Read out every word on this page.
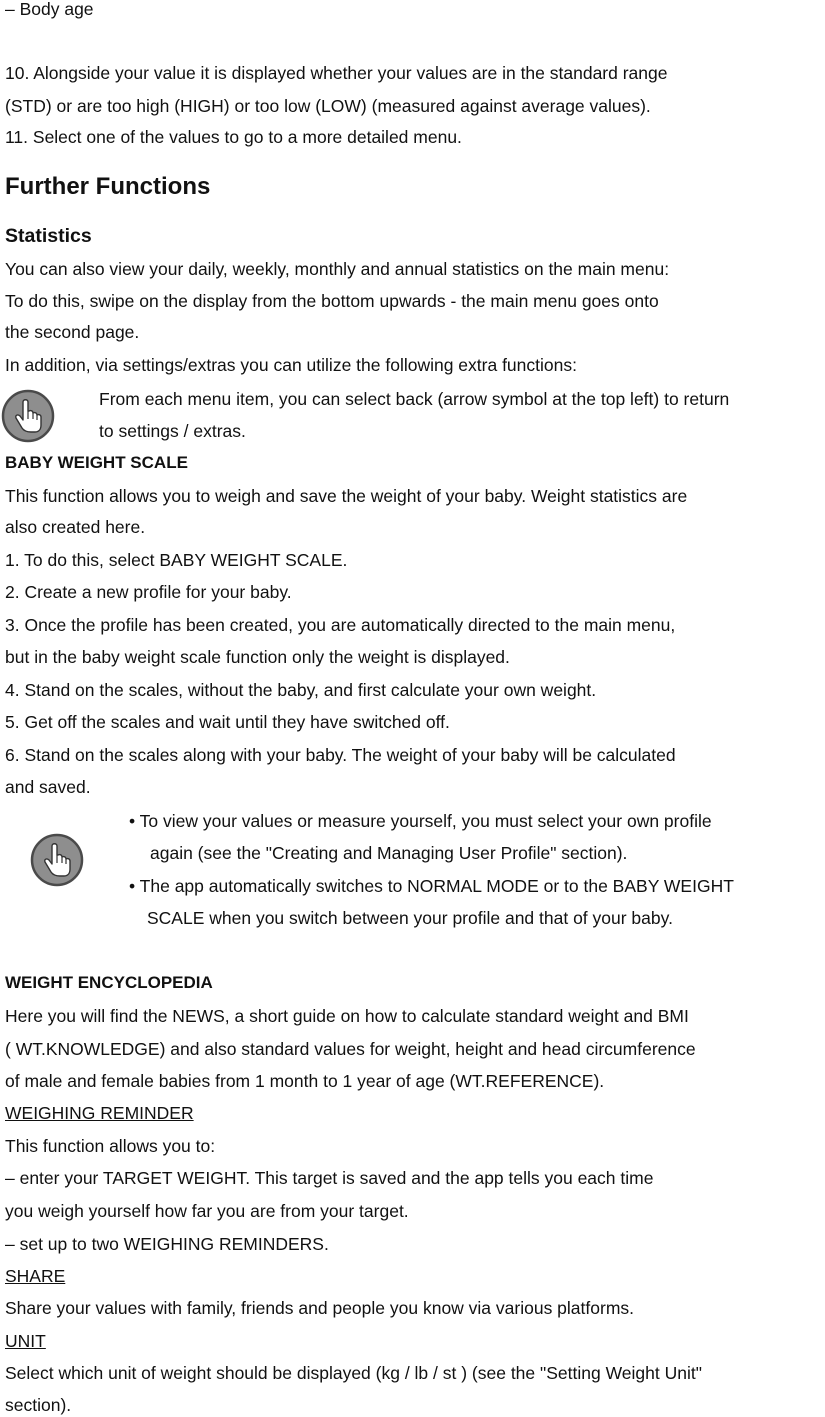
– Body age

10. Alongside your value it is displayed whether your values are in the standard range

(STD) or are too high (HIGH) or too low (LOW) (measured against average values).

11. Select one of the values to go to a more detailed menu.

Further Functions
Statistics

You can also view your daily, weekly, monthly and annual statistics on the main menu:

To do this, swipe on the display from the bottom upwards - the main menu goes onto

the second page.

In addition, via settings/extras you can utilize the following extra functions:

From each menu item, you can select back (arrow symbol at the top left) to return

to settings / extras.

BABY WEIGHT SCALE

This function allows you to weigh and save the weight of your baby. Weight statistics are

also created here.

1. To do this, select BABY WEIGHT SCALE.

2. Create a new profile for your baby.

3. Once the profile has been created, you are automatically directed to the main menu,

but in the baby weight scale function only the weight is displayed.

4. Stand on the scales, without the baby, and first calculate your own weight.

5. Get off the scales and wait until they have switched off.

6. Stand on the scales along with your baby. The weight of your baby will be calculated

and saved.

• To view your values or measure yourself, you must select your own profile

again (see the "Creating and Managing User Profile" section).

• The app automatically switches to NORMAL MODE or to the BABY WEIGHT

SCALE when you switch between your profile and that of your baby.

WEIGHT ENCYCLOPEDIA

Here you will find the NEWS, a short guide on how to calculate standard weight and BMI

( WT.KNOWLEDGE) and also standard values for weight, height and head circumference

of male and female babies from 1 month to 1 year of age (WT.REFERENCE).

WEIGHING REMINDER

This function allows you to:

– enter your TARGET WEIGHT. This target is saved and the app tells you each time

you weigh yourself how far you are from your target.

– set up to two WEIGHING REMINDERS.

SHARE

Share your values with family, friends and people you know via various platforms.

UNIT

Select which unit of weight should be displayed (kg / lb / st ) (see the "Setting Weight Unit"

section).
